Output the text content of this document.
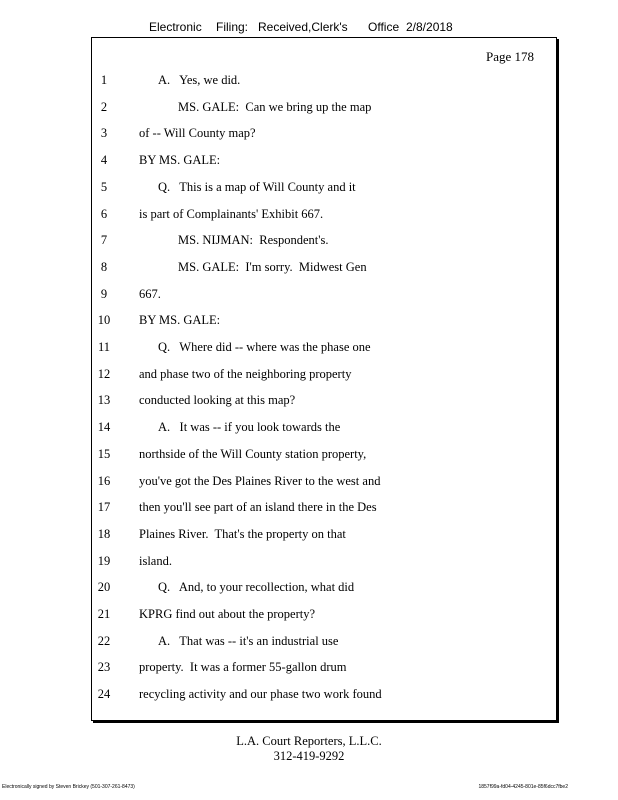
Electronic Filing: Received,Clerk's Office 2/8/2018
Page 178
1	A.   Yes, we did.
2	MS. GALE:  Can we bring up the map
3	of -- Will County map?
4	BY MS. GALE:
5	Q.   This is a map of Will County and it
6	is part of Complainants' Exhibit 667.
7	MS. NIJMAN:  Respondent's.
8	MS. GALE:  I'm sorry.  Midwest Gen
9	667.
10	BY MS. GALE:
11	Q.   Where did -- where was the phase one
12	and phase two of the neighboring property
13	conducted looking at this map?
14	A.   It was -- if you look towards the
15	northside of the Will County station property,
16	you've got the Des Plaines River to the west and
17	then you'll see part of an island there in the Des
18	Plaines River.  That's the property on that
19	island.
20	Q.   And, to your recollection, what did
21	KPRG find out about the property?
22	A.   That was -- it's an industrial use
23	property.  It was a former 55-gallon drum
24	recycling activity and our phase two work found
L.A. Court Reporters, L.L.C.
312-419-9292
Electronically signed by Steven Brickey (501-307-261-8473)	1857f99a-fd04-4245-801e-85f6dcc7fbe2
